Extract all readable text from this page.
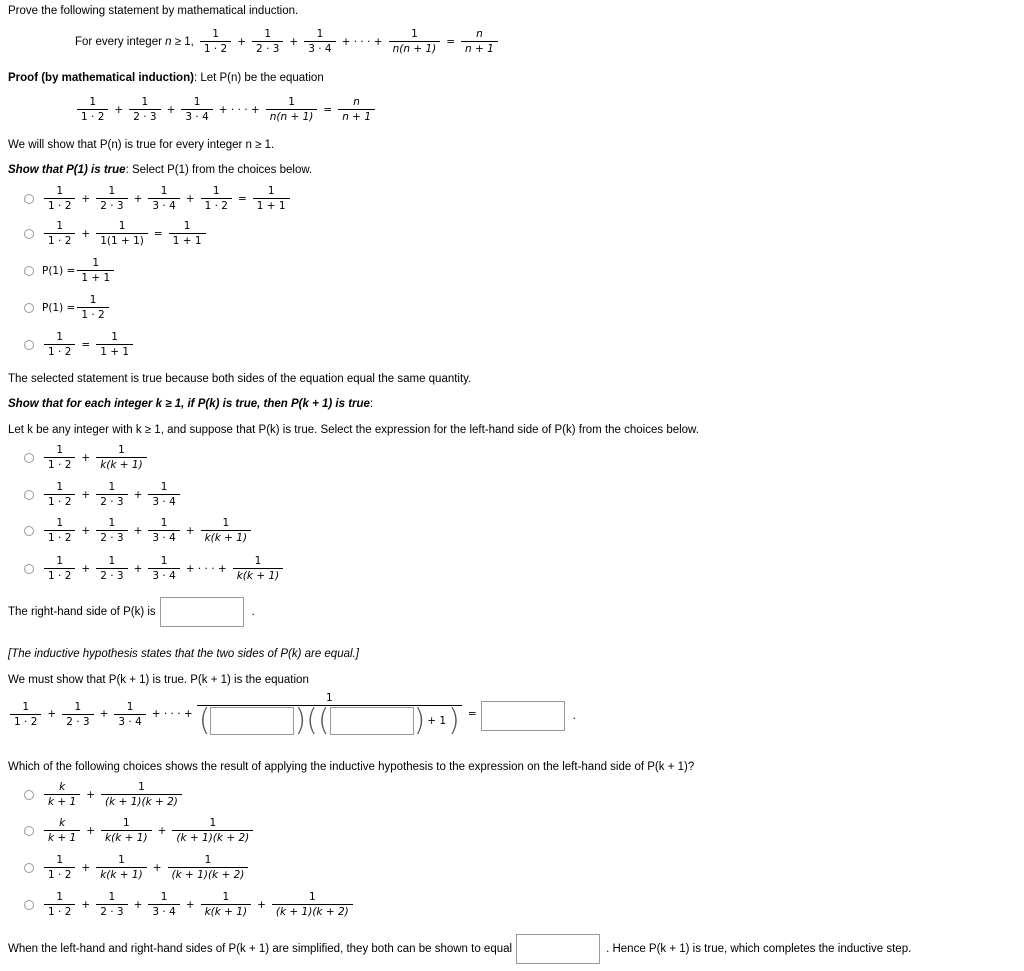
Prove the following statement by mathematical induction.
For every integer
n
≥ 1, $\frac{1}{1 \cdot 2} + \frac{1}{2 \cdot 3} + \frac{1}{3 \cdot 4}$ + · · · + $\frac{1}{n(n + 1)} = \frac{n}{n + 1}$
Proof (by mathematical induction): Let P(n) be the equation
$\frac{1}{1 \cdot 2} + \frac{1}{2 \cdot 3} + \frac{1}{3 \cdot 4}$ + · · · + $\frac{1}{n(n + 1)} = \frac{n}{n + 1}$
We will show that P(n) is true for every integer n ≥ 1.
Show that P(1) is true: Select P(1) from the choices below.
$\frac{1}{1 \cdot 2} + \frac{1}{2 \cdot 3} + \frac{1}{3 \cdot 4} + \frac{1}{1 \cdot 2} = \frac{1}{1 + 1}$
$\frac{1}{1 \cdot 2} + \frac{1}{1(1 + 1)} = \frac{1}{1 + 1}$
$P(1) = \frac{1}{1 + 1}$
$P(1) = \frac{1}{1 \cdot 2}$
$\frac{1}{1 \cdot 2} = \frac{1}{1 + 1}$
The selected statement is true because both sides of the equation equal the same quantity.
Show that for each integer k ≥ 1, if P(k) is true, then P(k + 1) is true:
Let k be any integer with k ≥ 1, and suppose that P(k) is true. Select the expression for the left-hand side of P(k) from the choices below.
$\frac{1}{1 \cdot 2} + \frac{1}{k(k + 1)}$
$\frac{1}{1 \cdot 2} + \frac{1}{2 \cdot 3} + \frac{1}{3 \cdot 4}$
$\frac{1}{1 \cdot 2} + \frac{1}{2 \cdot 3} + \frac{1}{3 \cdot 4} + \frac{1}{k(k + 1)}$
$\frac{1}{1 \cdot 2} + \frac{1}{2 \cdot 3} + \frac{1}{3 \cdot 4}$ + · · · + $\frac{1}{k(k + 1)}$
The right-hand side of P(k) is	.
[The inductive hypothesis states that the two sides of P(k) are equal.]
We must show that P(k + 1) is true. P(k + 1) is the equation
$\frac{1}{1 \cdot 2} + \frac{1}{2 \cdot 3} + \frac{1}{3 \cdot 4}$ + · · · +
1
(	)( (	) + 1 ) =	.
Which of the following choices shows the result of applying the inductive hypothesis to the expression on the left-hand side of P(k + 1)?
$\frac{k}{k + 1} + \frac{1}{(k + 1)(k + 2)}$
$\frac{k}{k + 1} + \frac{1}{k(k + 1)} + \frac{1}{(k + 1)(k + 2)}$
$\frac{1}{1 \cdot 2} + \frac{1}{k(k + 1)} + \frac{1}{(k + 1)(k + 2)}$
$\frac{1}{1 \cdot 2} + \frac{1}{2 \cdot 3} + \frac{1}{3 \cdot 4} + \frac{1}{k(k + 1)} + \frac{1}{(k + 1)(k + 2)}$
When the left-hand and right-hand sides of P(k + 1) are simplified, they both can be shown to equal	. Hence P(k + 1) is true, which completes the inductive step.
